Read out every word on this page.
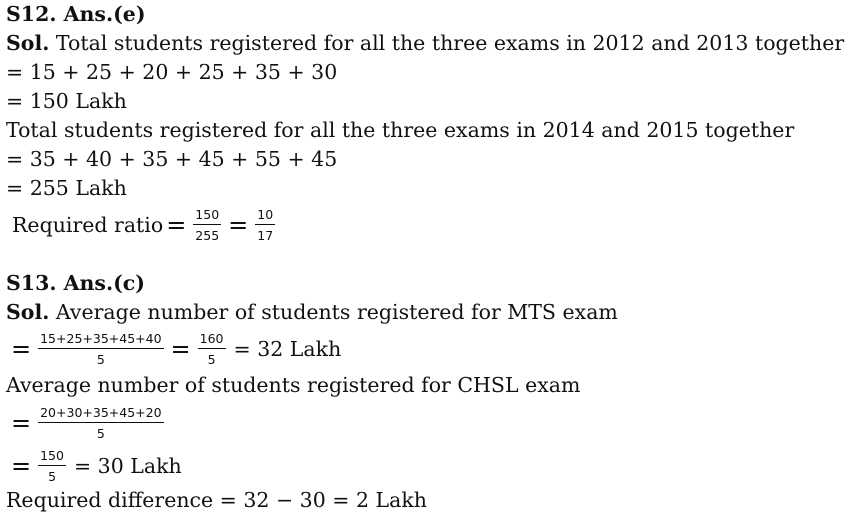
S12. Ans.(e)
Sol. Total students registered for all the three exams in 2012 and 2013 together
= 15 + 25 + 20 + 25 + 35 + 30
= 150 Lakh
Total students registered for all the three exams in 2014 and 2015 together
= 35 + 40 + 35 + 45 + 55 + 45
= 255 Lakh
Required ratio = $\frac{150}{255} = \frac{10}{17}$
S13. Ans.(c)
Sol. Average number of students registered for MTS exam
= $\frac{15+25+35+45+40}{5} = \frac{160}{5} = 32$ Lakh
Average number of students registered for CHSL exam
= $\frac{20+30+35+45+20}{5}$
= $\frac{150}{5} = 30$ Lakh
Required difference = 32 − 30 = 2 Lakh
